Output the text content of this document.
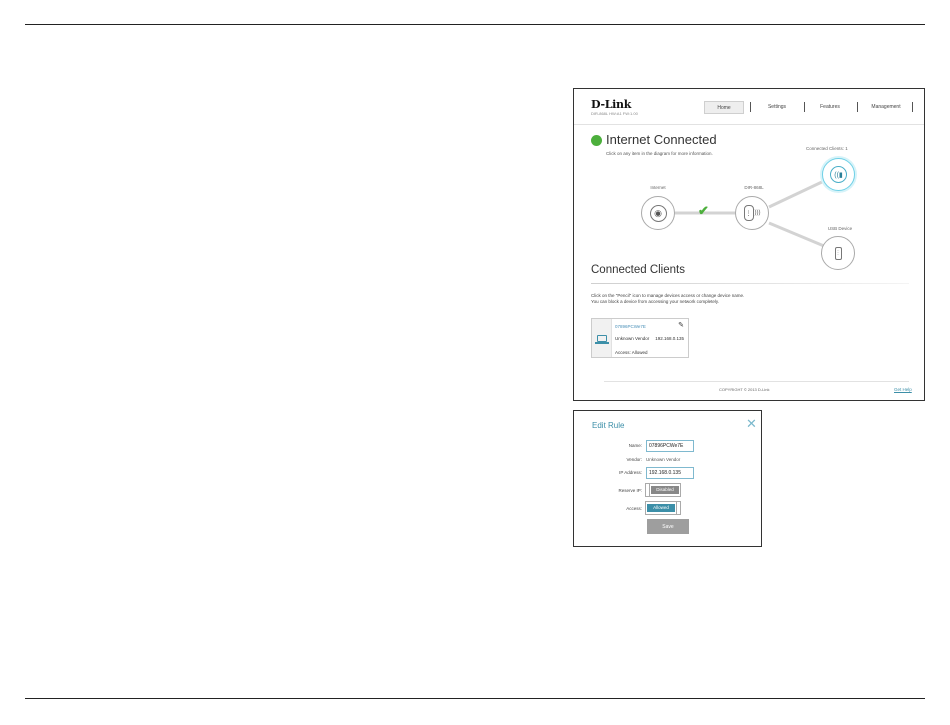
D-Link
DIR-868L HW:A1 FW:1.00
Home	Settings	Features	Management
Internet Connected
Click on any item in the diagram for more information.
Internet
◉	✔
DIR-868L
⋮ )))
Connected Clients: 1
((▮
USB Device
⋮
Connected Clients
Click on the "Pencil" icon to manage devices access or change device name.
You can block a device from accessing your network completely.
07896PCWe7E	✎
Unknown Vendor 192.168.0.135
Access: Allowed
COPYRIGHT © 2013 D-Link	Get Help
Edit Rule	✕
Name:
07896PCWe7E
Vendor: Unknown Vendor
IP Address:
192.168.0.135
Reserve IP:	Disabled
Access:	Allowed
Save
